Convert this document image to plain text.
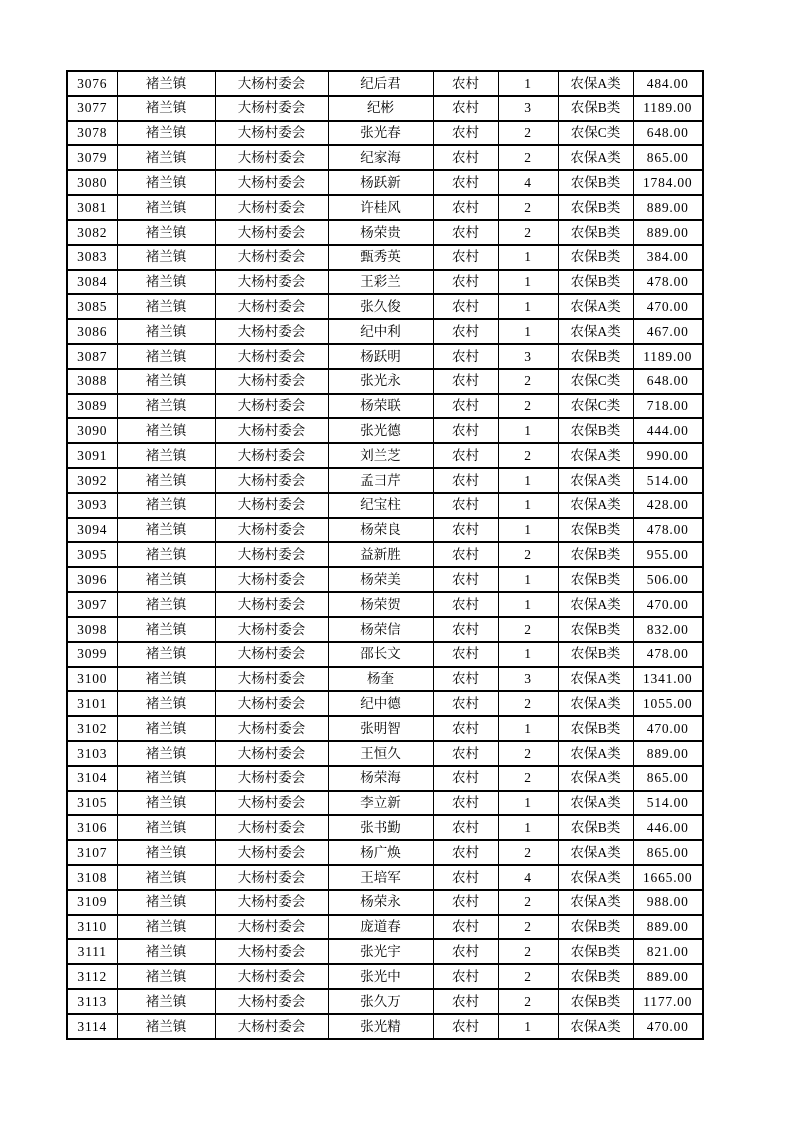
3076	褚兰镇	大杨村委会	纪后君	农村	1	农保A类	484.00
3077	褚兰镇	大杨村委会	纪彬	农村	3	农保B类	1189.00
3078	褚兰镇	大杨村委会	张光春	农村	2	农保C类	648.00
3079	褚兰镇	大杨村委会	纪家海	农村	2	农保A类	865.00
3080	褚兰镇	大杨村委会	杨跃新	农村	4	农保B类	1784.00
3081	褚兰镇	大杨村委会	许桂风	农村	2	农保B类	889.00
3082	褚兰镇	大杨村委会	杨荣贵	农村	2	农保B类	889.00
3083	褚兰镇	大杨村委会	甄秀英	农村	1	农保B类	384.00
3084	褚兰镇	大杨村委会	王彩兰	农村	1	农保B类	478.00
3085	褚兰镇	大杨村委会	张久俊	农村	1	农保A类	470.00
3086	褚兰镇	大杨村委会	纪中利	农村	1	农保A类	467.00
3087	褚兰镇	大杨村委会	杨跃明	农村	3	农保B类	1189.00
3088	褚兰镇	大杨村委会	张光永	农村	2	农保C类	648.00
3089	褚兰镇	大杨村委会	杨荣联	农村	2	农保C类	718.00
3090	褚兰镇	大杨村委会	张光德	农村	1	农保B类	444.00
3091	褚兰镇	大杨村委会	刘兰芝	农村	2	农保A类	990.00
3092	褚兰镇	大杨村委会	孟彐芹	农村	1	农保A类	514.00
3093	褚兰镇	大杨村委会	纪宝柱	农村	1	农保A类	428.00
3094	褚兰镇	大杨村委会	杨荣良	农村	1	农保B类	478.00
3095	褚兰镇	大杨村委会	益新胜	农村	2	农保B类	955.00
3096	褚兰镇	大杨村委会	杨荣美	农村	1	农保B类	506.00
3097	褚兰镇	大杨村委会	杨荣贺	农村	1	农保A类	470.00
3098	褚兰镇	大杨村委会	杨荣信	农村	2	农保B类	832.00
3099	褚兰镇	大杨村委会	邵长文	农村	1	农保B类	478.00
3100	褚兰镇	大杨村委会	杨奎	农村	3	农保A类	1341.00
3101	褚兰镇	大杨村委会	纪中德	农村	2	农保A类	1055.00
3102	褚兰镇	大杨村委会	张明智	农村	1	农保B类	470.00
3103	褚兰镇	大杨村委会	王恒久	农村	2	农保A类	889.00
3104	褚兰镇	大杨村委会	杨荣海	农村	2	农保A类	865.00
3105	褚兰镇	大杨村委会	李立新	农村	1	农保A类	514.00
3106	褚兰镇	大杨村委会	张书勤	农村	1	农保B类	446.00
3107	褚兰镇	大杨村委会	杨广焕	农村	2	农保A类	865.00
3108	褚兰镇	大杨村委会	王培军	农村	4	农保A类	1665.00
3109	褚兰镇	大杨村委会	杨荣永	农村	2	农保A类	988.00
3110	褚兰镇	大杨村委会	庞道春	农村	2	农保B类	889.00
3111	褚兰镇	大杨村委会	张光宇	农村	2	农保B类	821.00
3112	褚兰镇	大杨村委会	张光中	农村	2	农保B类	889.00
3113	褚兰镇	大杨村委会	张久万	农村	2	农保B类	1177.00
3114	褚兰镇	大杨村委会	张光精	农村	1	农保A类	470.00
